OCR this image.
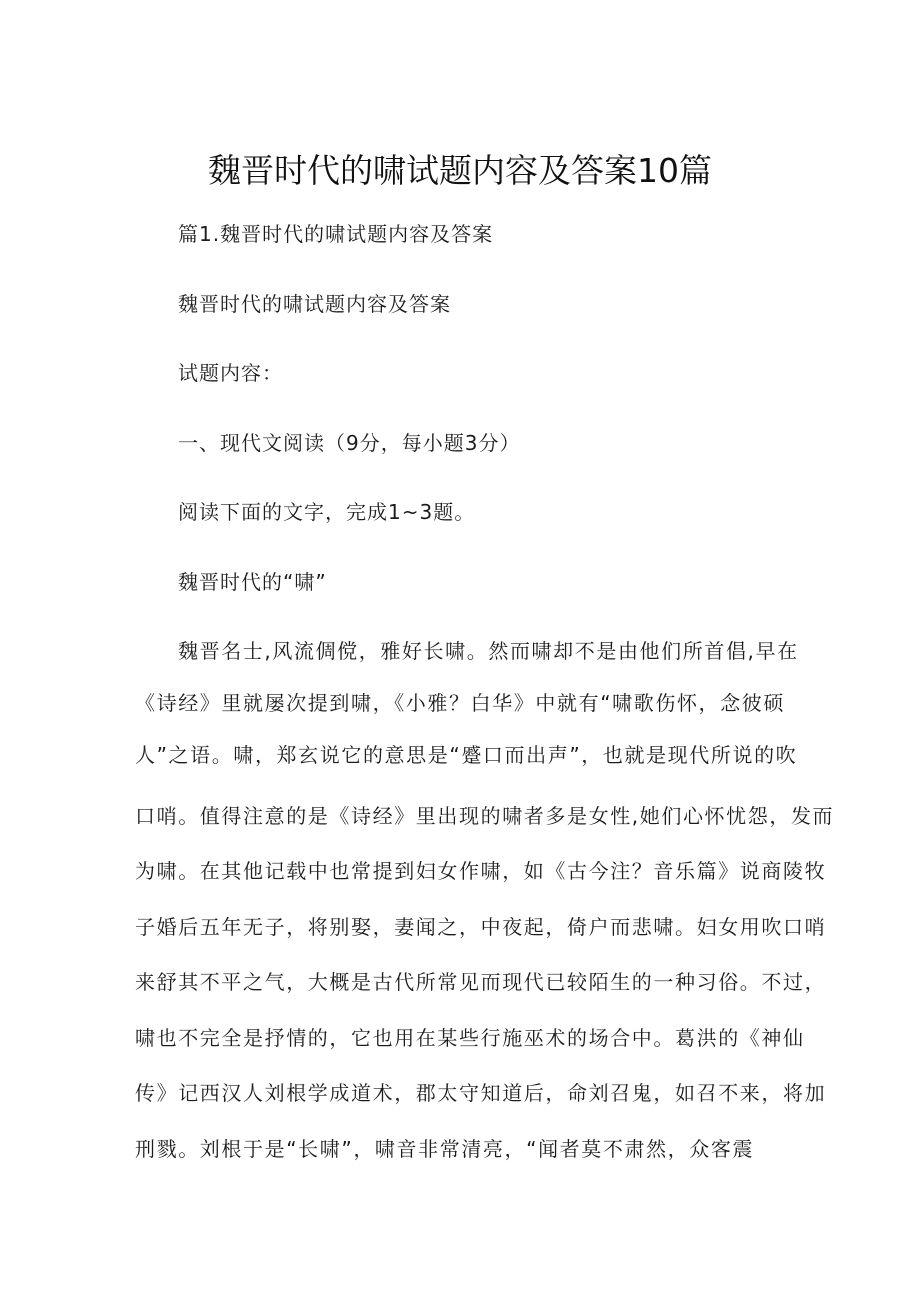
魏晋时代的啸试题内容及答案10篇
篇1.魏晋时代的啸试题内容及答案
魏晋时代的啸试题内容及答案
试题内容：
一、现代文阅读（9分，每小题3分）
阅读下面的文字，完成1~3题。
魏晋时代的“啸”
魏晋名士,风流倜傥，雅好长啸。然而啸却不是由他们所首倡,早在
《诗经》里就屡次提到啸，《小雅？白华》中就有“啸歌伤怀，念彼硕
人”之语。啸，郑玄说它的意思是“蹙口而出声”，也就是现代所说的吹
口哨。值得注意的是《诗经》里出现的啸者多是女性,她们心怀忧怨，发而
为啸。在其他记载中也常提到妇女作啸，如《古今注？音乐篇》说商陵牧
子婚后五年无子，将别娶，妻闻之，中夜起，倚户而悲啸。妇女用吹口哨
来舒其不平之气，大概是古代所常见而现代已较陌生的一种习俗。不过，
啸也不完全是抒情的，它也用在某些行施巫术的场合中。葛洪的《神仙
传》记西汉人刘根学成道术，郡太守知道后，命刘召鬼，如召不来，将加
刑戮。刘根于是“长啸”，啸音非常清亮，“闻者莫不肃然，众客震
